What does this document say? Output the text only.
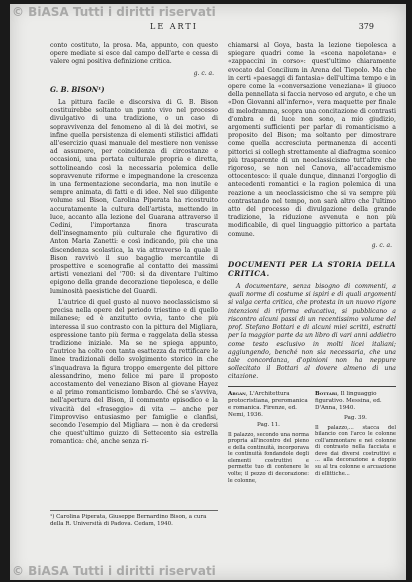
© BiASA Tutti i diritti riservati
LE ARTI	379

conto costituto, la prosa. Ma, appunto, con questo opere mediate si esce dal campo dell'arte e cessa di valere ogni positiva definizione critica.

g. c. a.
G. B. BISON¹)

La pittura facile e discorsiva di G. B. Bison costituirebbe soltanto un punto vivo nel processo divulgativo di una tradizione, o un caso di sopravvivenza del fenomeno al di là dei motivi, se infine quella persistenza di elementi stilistici affidati all'esercizio quasi manuale del mestiere non venisse ad assumere, per coincidenza di circostanze e occasioni, una portata culturale propria e diretta, sottolineando così la necessaria polemica delle sopravvenute riforme e impegnandone la crescenza in una fermentazione secondaria, ma non inutile e sempre animata, di fatti e di idee. Nel suo diligente volume sul Bison, Carolina Piperata ha ricostruito accuratamente la cultura dell'artista, mettendo in luce, accanto alla lezione del Guarana attraverso il Cedini, l'importanza finora trascurata dell'insegnamento più culturale che figurativo di Anton Maria Zanetti: e così indicando, più che una discendenza scolastica, la via attraverso la quale il Bison ravvivò il suo bagaglio mercantile di prospettive e scenografie al contatto dei massimi artisti veneziani del '700: sì da diventare l'ultimo epigono della grande decorazione tiepolesca, e delle luminosità paesistiche del Guardi.

L'autrice di quel gusto al nuovo neoclassicismo si precisa nella opere del periodo triestino e di quello milanese; ed è anzitutto ovvia, tanto che più interessa il suo contrasto con la pittura del Migliara, espressione tanto più ferma e raggelata della stessa tradizione iniziale. Ma se ne spiega appunto, l'autrice ha colto con tanta esattezza da rettificare le linee tradizionali dello svolgimento storico in che s'inquadrava la figura troppo emergente del pittore alessandrino, meno felice mi pare il proposto accostamento del veneziano Bison al giovane Hayez e al primo romanticismo lombardo. Ché se s'avviva, nell'apertura del Bison, il commento episodico e la vivacità del «fraseggio» di vita — anche per l'improvviso entusiasmo per famiglie e clanfisi, secondo l'esempio del Migliara — non è da credersi che quest'ultimo guizzo di Settecento sia estrella romantica: ché, anche senza ri-

¹) Carolina Piperata, Giuseppe Bernardino Bison, a cura della R. Università di Padova. Cedam, 1940.

chiamarsi al Goya, basta la lezione tiepolesca a spiegare quadri come la «scena napoletana» e «zappaccini in corso»: quest'ultimo chiaramente evocato dal Concilium in Arena del Tiepolo. Ma che in certi «paesaggi di fantasia» dell'ultima tempo e in opere come la «conversazione veneziana» il giuoco della pennellata si faccia nervoso ed arguto, e che un «Don Giovanni all'inferno», vera maquette per finale di melodramma, scopra una concitazione di contrasti d'ombra e di luce non sono, a mio giudizio, argomenti sufficienti per parlar di romanticismo a proposito del Bison; ma soltanto per dimostrare come quella accresciuta permanenza di accenti pittorici si collegh strettamente al diafragma scenico più trasparente di un neoclassicismo tutt'altre che rigoroso, se non nel Canova, all'accademismo ottocentesco: il quale dunque, dinnanzi l'orgoglio di antecedenti romantici e la ragion polemica di una reazione a un neoclassicismo che si va sempre più contrastando nel tempo, non sarà altro che l'ultimo atto del processo di divulgazione della grande tradizione, la riduzione avvenuta e non più modificabile, di quel linguaggio pittorico a partata comune.

g. c. a.
DOCUMENTI PER LA STORIA DELLA CRITICA.

A documentare, senza bisogno di commenti, a quali norme di costume si ispiri e di quali argomenti si valga certa critica, che protesta in un nuovo rigore intenzioni di riforma educativa, si pubblicano a riscontro alcuni passi di un recentissimo volume del prof. Stefano Bottari e di alcuni miei scritti, estratti per la maggior parte da un libro di vari anni addietro come testo esclusivo in molti licei italiani; aggiungendo, benché non sia necessaria, che una tale concordanza, d'opinioni non ha neppure sollecitato il Bottari al dovere almeno di una citazione.

Argan, L'Architettura protocristiana, preromanica e romanica. Firenze, ed. Nemi, 1936.
Pag. 11.
Il palazzo, secondo una norma propria all'incontro del pieno e della continuità, incorporava le continuità fondandole degli elementi costruttivi e permette tuo di contenere le volte; il pezzo di decorazione: le colonne,
Bottari, Il linguaggio figurativo. Messina, ed. D'Anna, 1940.
Pag. 39.
Il palazzo,... stacca del bilancio con l'arco le colonne coll'ammontare e nei colonne di contrasto nella facciata e deve dai diversi costruttivi e ... alla decorazione a doppio su al tra colonne e arcuazione di ellittiche...
© BiASA Tutti i diritti riservati
